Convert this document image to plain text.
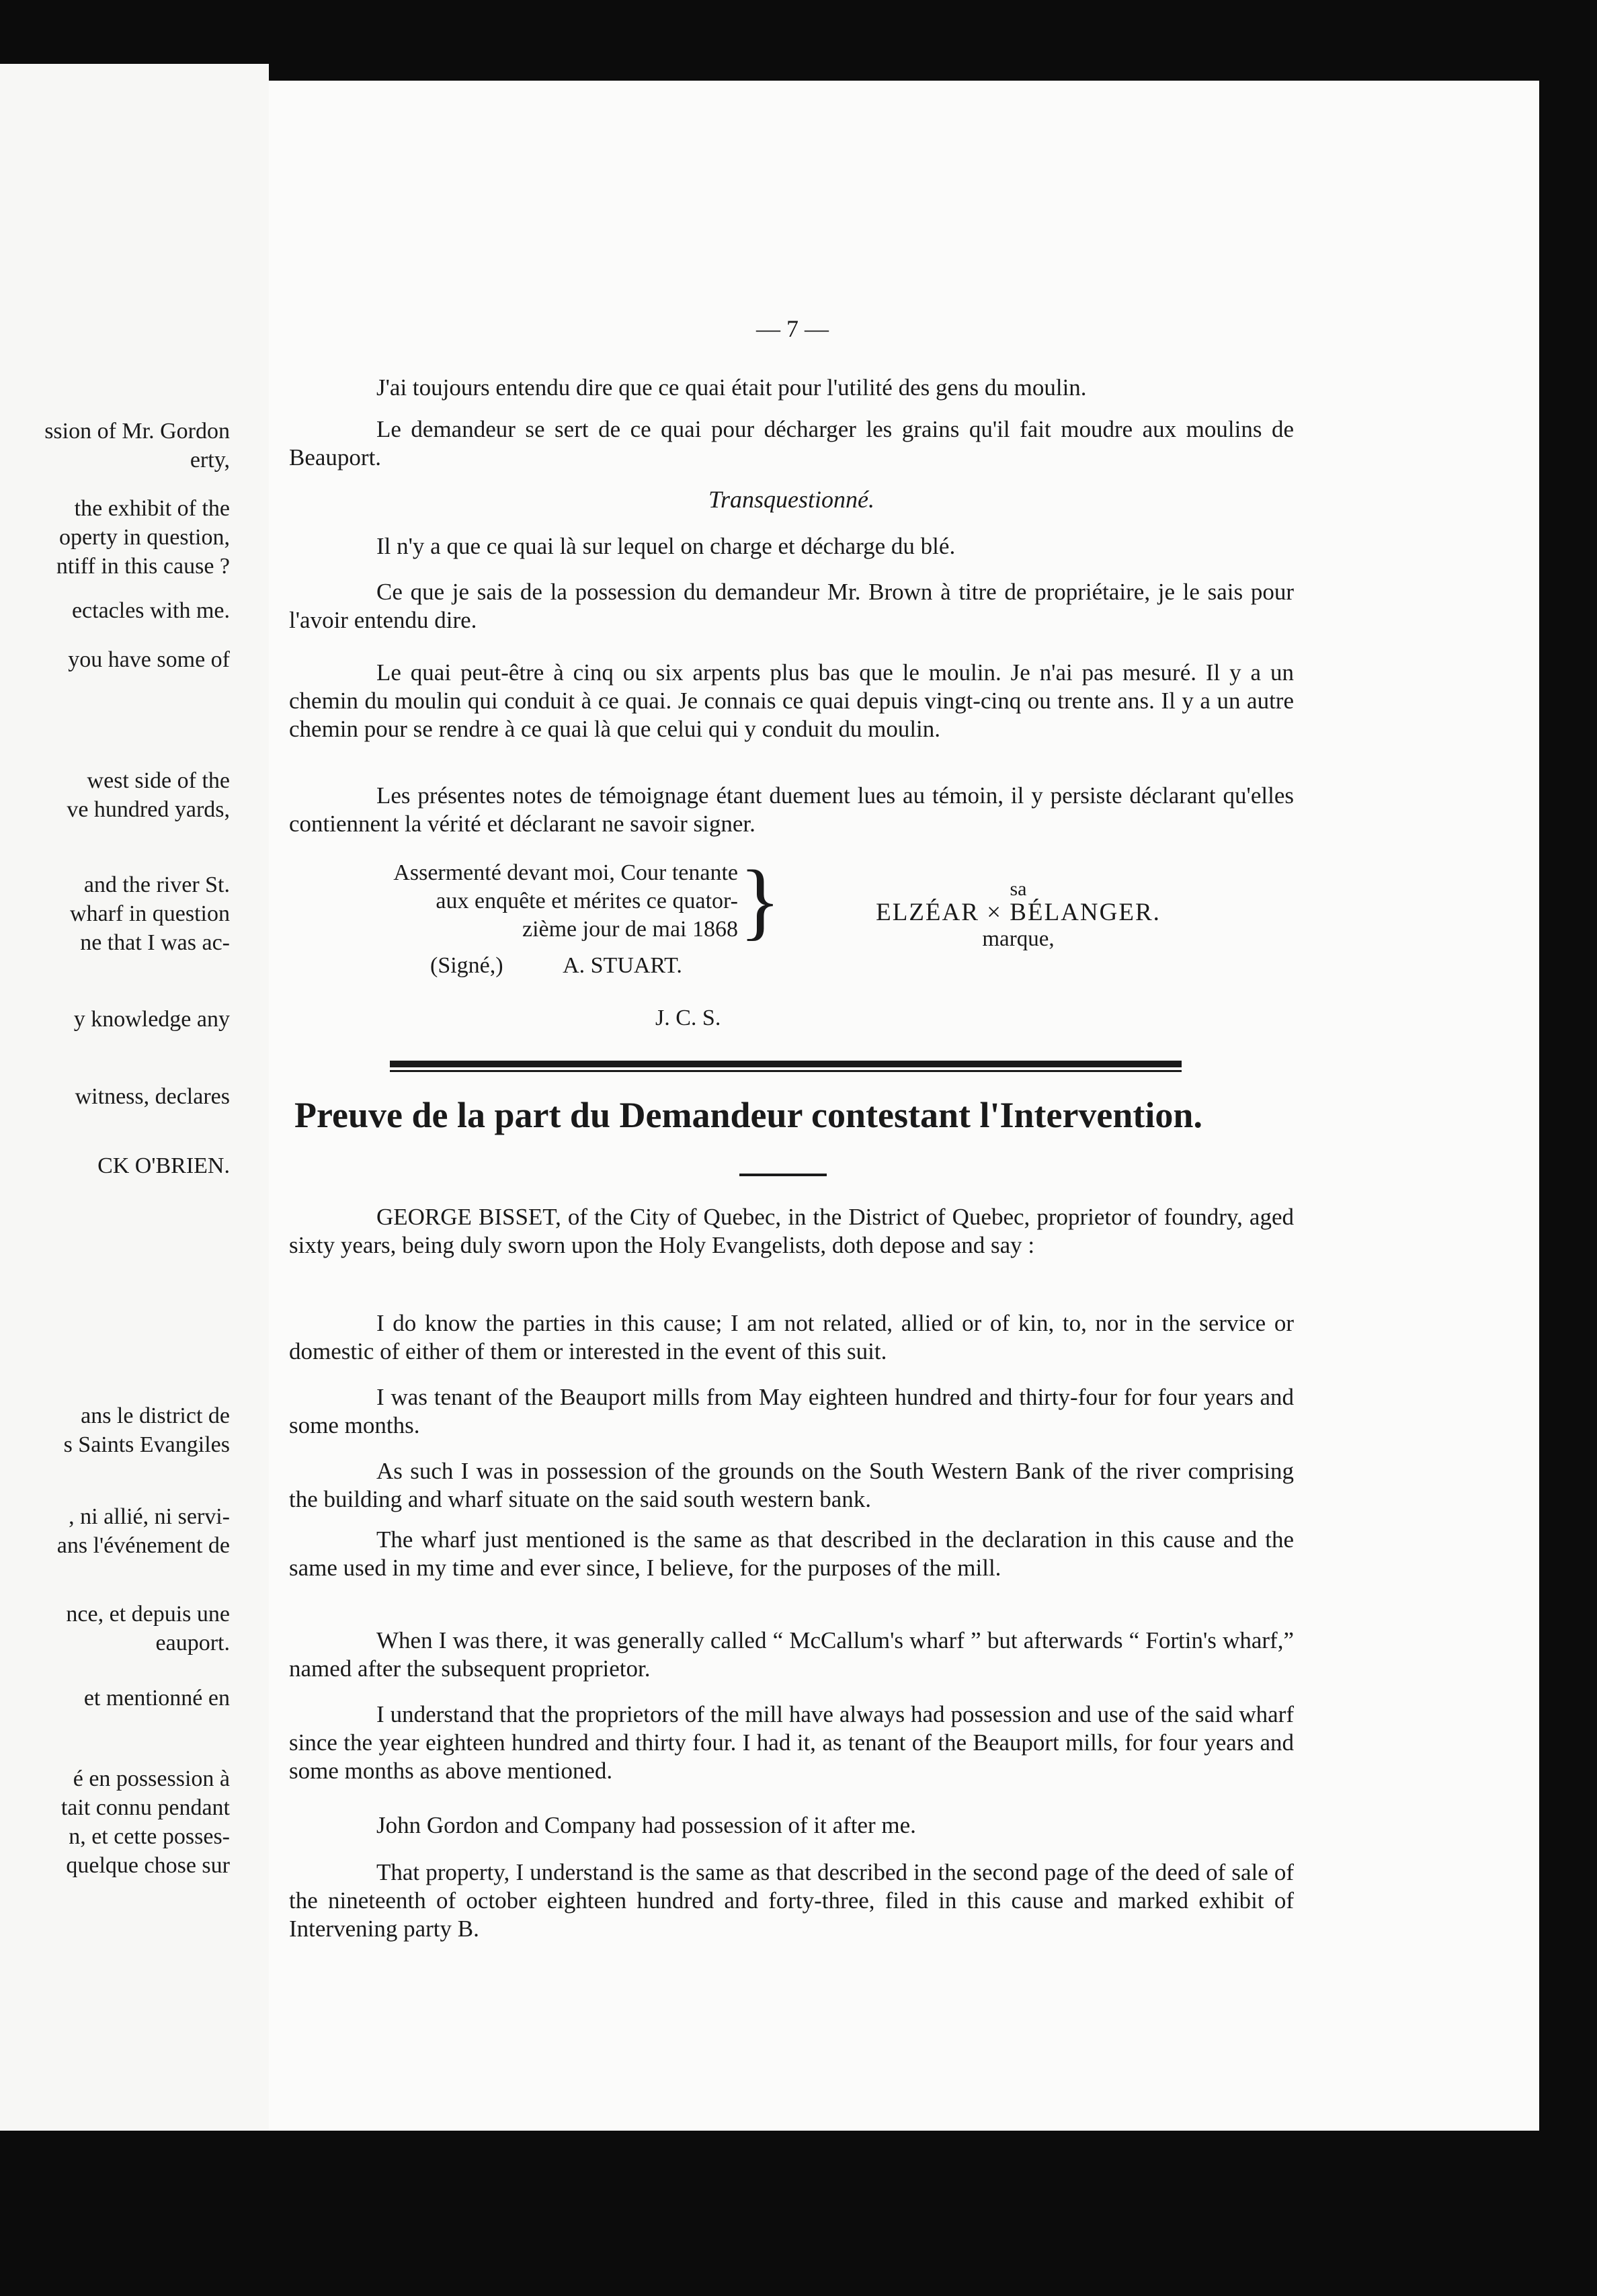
ssion of Mr. Gordon
erty,
the exhibit of the
operty in question,
ntiff in this cause ?
ectacles with me.
you have some of
west side of the
ve hundred yards,
and the river St.
wharf in question
ne that I was ac-
y knowledge any
witness, declares
CK O'BRIEN.
ans le district de
s Saints Evangiles
, ni allié, ni servi-
ans l'événement de
nce, et depuis une
eauport.
et mentionné en
é en possession à
tait connu pendant
n, et cette posses-
quelque chose sur
— 7 —

J'ai toujours entendu dire que ce quai était pour l'utilité des gens du moulin.

Le demandeur se sert de ce quai pour décharger les grains qu'il fait moudre aux moulins de Beauport.

Transquestionné.

Il n'y a que ce quai là sur lequel on charge et décharge du blé.

Ce que je sais de la possession du demandeur Mr. Brown à titre de propriétaire, je le sais pour l'avoir entendu dire.

Le quai peut-être à cinq ou six arpents plus bas que le moulin. Je n'ai pas mesuré. Il y a un chemin du moulin qui conduit à ce quai. Je connais ce quai depuis vingt-cinq ou trente ans. Il y a un autre chemin pour se rendre à ce quai là que celui qui y conduit du moulin.

Les présentes notes de témoignage étant duement lues au témoin, il y persiste déclarant qu'elles contiennent la vérité et déclarant ne savoir signer.

Assermenté devant moi, Cour tenante
aux enquête et mérites ce quator-
zième jour de mai 1868 }	sa
ELZÉAR × BÉLANGER.
marque,
(Signé,)	A. STUART.
J. C. S.
Preuve de la part du Demandeur contestant l'Intervention.

GEORGE BISSET, of the City of Quebec, in the District of Quebec, proprietor of foundry, aged sixty years, being duly sworn upon the Holy Evangelists, doth depose and say :

I do know the parties in this cause; I am not related, allied or of kin, to, nor in the service or domestic of either of them or interested in the event of this suit.

I was tenant of the Beauport mills from May eighteen hundred and thirty-four for four years and some months.

As such I was in possession of the grounds on the South Western Bank of the river comprising the building and wharf situate on the said south western bank.

The wharf just mentioned is the same as that described in the declaration in this cause and the same used in my time and ever since, I believe, for the purposes of the mill.

When I was there, it was generally called “ McCallum's wharf ” but afterwards “ Fortin's wharf,” named after the subsequent proprietor.

I understand that the proprietors of the mill have always had possession and use of the said wharf since the year eighteen hundred and thirty four. I had it, as tenant of the Beauport mills, for four years and some months as above mentioned.

John Gordon and Company had possession of it after me.

That property, I understand is the same as that described in the second page of the deed of sale of the nineteenth of october eighteen hundred and forty-three, filed in this cause and marked exhibit of Intervening party B.
